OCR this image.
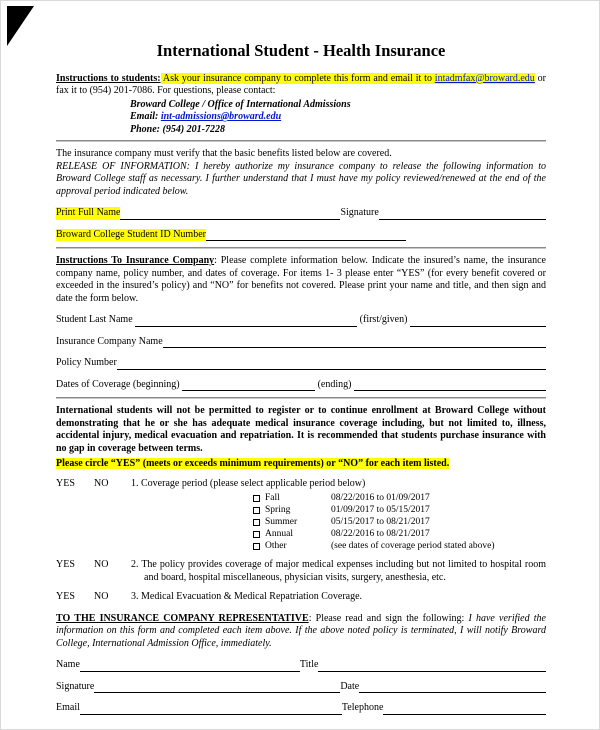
International Student - Health Insurance

Instructions to students: Ask your insurance company to complete this form and email it to intadmfax@broward.edu or fax it to (954) 201-7086. For questions, please contact:

Broward College / Office of International Admissions
Email: int-admissions@broward.edu
Phone: (954) 201-7228

The insurance company must verify that the basic benefits listed below are covered.

RELEASE OF INFORMATION: I hereby authorize my insurance company to release the following information to Broward College staff as necessary. I further understand that I must have my policy reviewed/renewed at the end of the approval period indicated below.

Print Full Name	Signature
Broward College Student ID Number

Instructions To Insurance Company: Please complete information below. Indicate the insured’s name, the insurance company name, policy number, and dates of coverage. For items 1- 3 please enter “YES” (for every benefit covered or exceeded in the insured’s policy) and “NO” for benefits not covered. Please print your name and title, and then sign and date the form below.

Student Last Name	(first/given)
Insurance Company Name
Policy Number
Dates of Coverage (beginning)	(ending)

International students will not be permitted to register or to continue enrollment at Broward College without demonstrating that he or she has adequate medical insurance coverage including, but not limited to, illness, accidental injury, medical evacuation and repatriation. It is recommended that students purchase insurance with no gap in coverage between terms.

Please circle “YES” (meets or exceeds minimum requirements) or “NO” for each item listed.
YES	NO	1. Coverage period (please select applicable period below)
Fall	08/22/2016 to 01/09/2017
Spring	01/09/2017 to 05/15/2017
Summer	05/15/2017 to 08/21/2017
Annual	08/22/2016 to 08/21/2017
Other	(see dates of coverage period stated above)
YES	NO	2. The policy provides coverage of major medical expenses including but not limited to hospital room and board, hospital miscellaneous, physician visits, surgery, anesthesia, etc.
YES	NO	3. Medical Evacuation & Medical Repatriation Coverage.

TO THE INSURANCE COMPANY REPRESENTATIVE: Please read and sign the following: I have verified the information on this form and completed each item above. If the above noted policy is terminated, I will notify Broward College, International Admission Office, immediately.

Name	Title
Signature	Date
Email	Telephone
